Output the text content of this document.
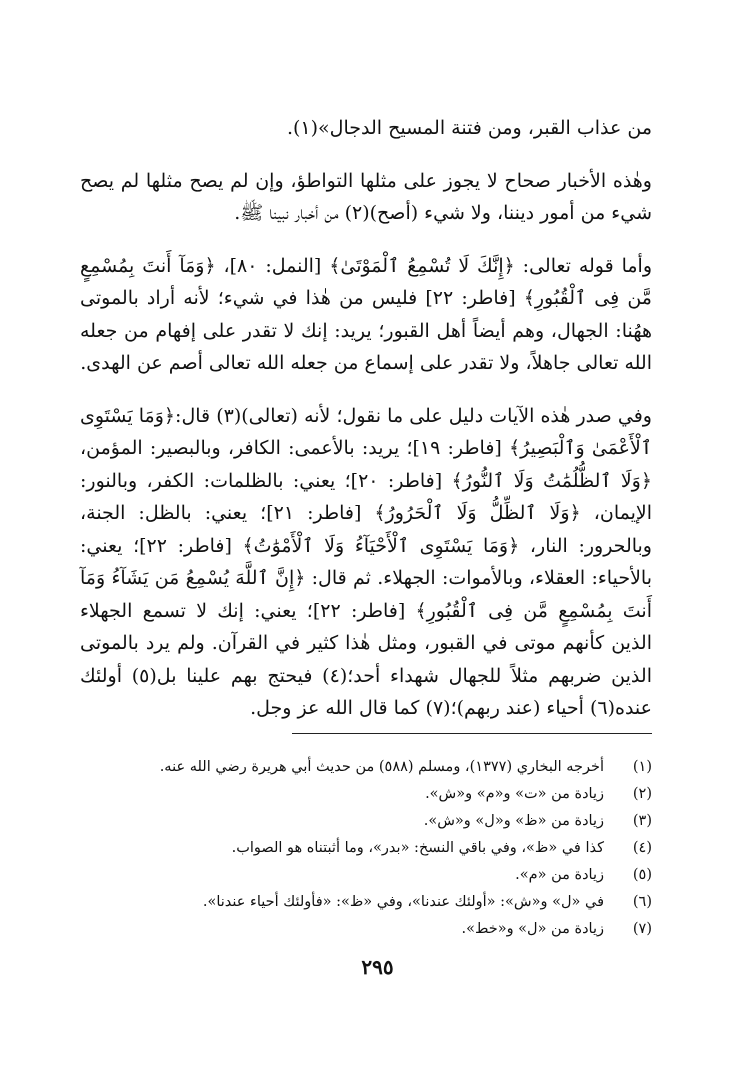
من عذاب القبر، ومن فتنة المسيح الدجال»(١).

وهٰذه الأخبار صحاح لا يجوز على مثلها التواطؤ، وإن لم يصح مثلها لم يصح شيء من أمور ديننا، ولا شيء (أصح)(٢) من أخبار نبينا ﷺ.

وأما قوله تعالى: ﴿إِنَّكَ لَا تُسْمِعُ ٱلْمَوْتَىٰ﴾ [النمل: ٨٠]، ﴿وَمَآ أَنتَ بِمُسْمِعٍ مَّن فِى ٱلْقُبُورِ﴾ [فاطر: ٢٢] فليس من هٰذا في شيء؛ لأنه أراد بالموتى ههُنا: الجهال، وهم أيضاً أهل القبور؛ يريد: إنك لا تقدر على إفهام من جعله الله تعالى جاهلاً، ولا تقدر على إسماع من جعله الله تعالى أصم عن الهدى.

وفي صدر هٰذه الآيات دليل على ما نقول؛ لأنه (تعالى)(٣) قال:﴿وَمَا يَسْتَوِى ٱلْأَعْمَىٰ وَٱلْبَصِيرُ﴾ [فاطر: ١٩]؛ يريد: بالأعمى: الكافر، وبالبصير: المؤمن، ﴿وَلَا ٱلظُّلُمَٰتُ وَلَا ٱلنُّورُ﴾ [فاطر: ٢٠]؛ يعني: بالظلمات: الكفر، وبالنور: الإيمان، ﴿وَلَا ٱلظِّلُّ وَلَا ٱلْحَرُورُ﴾ [فاطر: ٢١]؛ يعني: بالظل: الجنة، وبالحرور: النار، ﴿وَمَا يَسْتَوِى ٱلْأَحْيَآءُ وَلَا ٱلْأَمْوَٰتُ﴾ [فاطر: ٢٢]؛ يعني: بالأحياء: العقلاء، وبالأموات: الجهلاء. ثم قال: ﴿إِنَّ ٱللَّهَ يُسْمِعُ مَن يَشَآءُ وَمَآ أَنتَ بِمُسْمِعٍ مَّن فِى ٱلْقُبُورِ﴾ [فاطر: ٢٢]؛ يعني: إنك لا تسمع الجهلاء الذين كأنهم موتى في القبور، ومثل هٰذا كثير في القرآن. ولم يرد بالموتى الذين ضربهم مثلاً للجهال شهداء أحد؛(٤) فيحتج بهم علينا بل(٥) أولئك عنده(٦) أحياء (عند ربهم)؛(٧) كما قال الله عز وجل.

(١)
أخرجه البخاري (١٣٧٧)، ومسلم (٥٨٨) من حديث أبي هريرة رضي الله عنه.
(٢)
زيادة من «ت» و«م» و«ش».
(٣)
زيادة من «ظ» و«ل» و«ش».
(٤)
كذا في «ظ»، وفي باقي النسخ: «بدر»، وما أثبتناه هو الصواب.
(٥)
زيادة من «م».
(٦)
في «ل» و«ش»: «أولئك عندنا»، وفي «ظ»: «فأولئك أحياء عندنا».
(٧)
زيادة من «ل» و«خط».
٢٩٥
